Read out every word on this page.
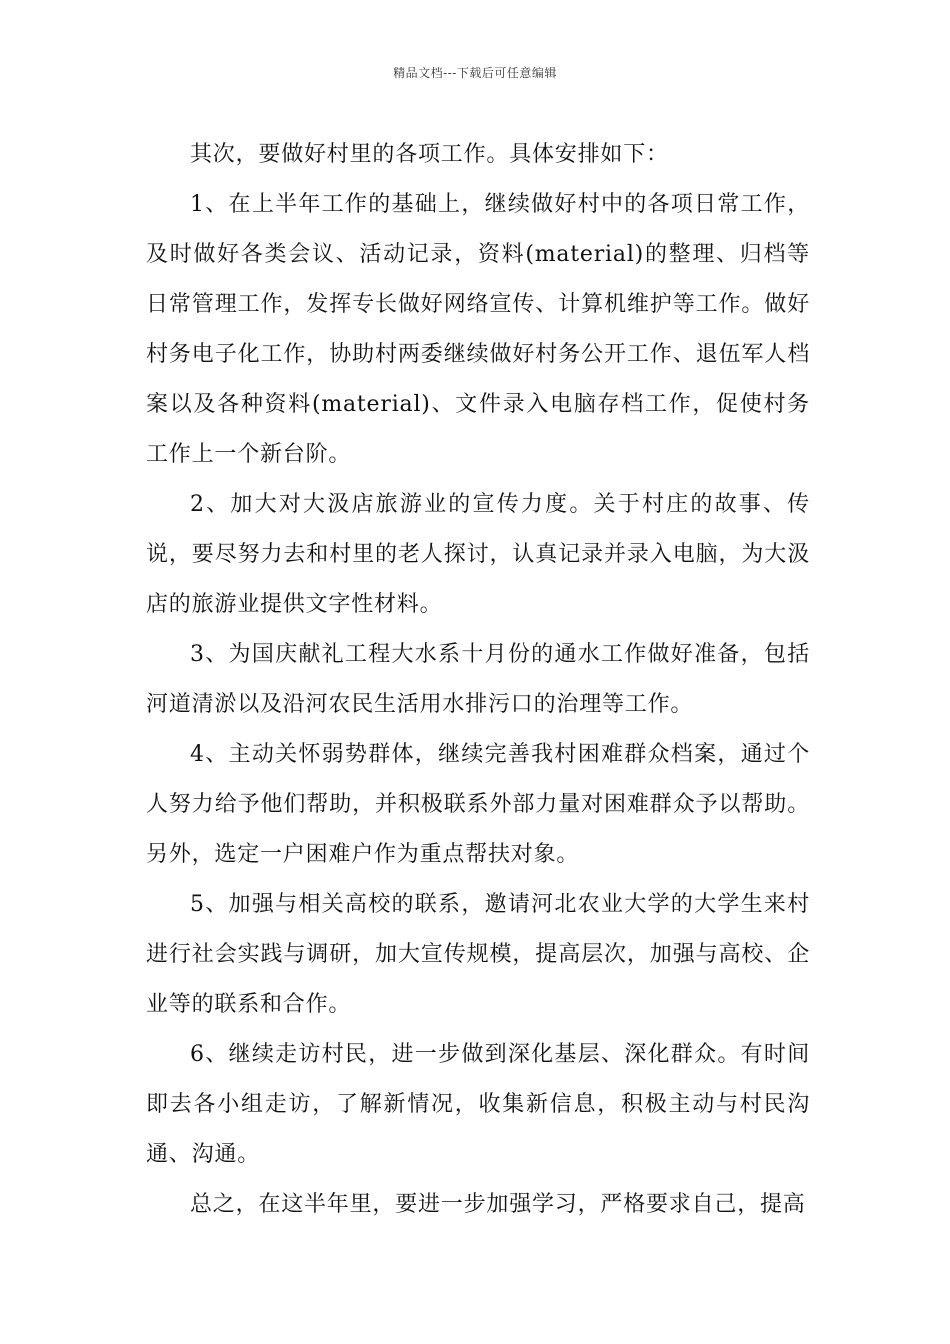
精品文档---下载后可任意编辑

其次，要做好村里的各项工作。具体安排如下：

1、在上半年工作的基础上，继续做好村中的各项日常工作，及时做好各类会议、活动记录，资料(material)的整理、归档等日常管理工作，发挥专长做好网络宣传、计算机维护等工作。做好村务电子化工作，协助村两委继续做好村务公开工作、退伍军人档案以及各种资料(material)、文件录入电脑存档工作，促使村务工作上一个新台阶。

2、加大对大汲店旅游业的宣传力度。关于村庄的故事、传说，要尽努力去和村里的老人探讨，认真记录并录入电脑，为大汲店的旅游业提供文字性材料。

3、为国庆献礼工程大水系十月份的通水工作做好准备，包括河道清淤以及沿河农民生活用水排污口的治理等工作。

4、主动关怀弱势群体，继续完善我村困难群众档案，通过个人努力给予他们帮助，并积极联系外部力量对困难群众予以帮助。另外，选定一户困难户作为重点帮扶对象。

5、加强与相关高校的联系，邀请河北农业大学的大学生来村进行社会实践与调研，加大宣传规模，提高层次，加强与高校、企业等的联系和合作。

6、继续走访村民，进一步做到深化基层、深化群众。有时间即去各小组走访，了解新情况，收集新信息，积极主动与村民沟通、沟通。

总之，在这半年里，要进一步加强学习，严格要求自己，提高
